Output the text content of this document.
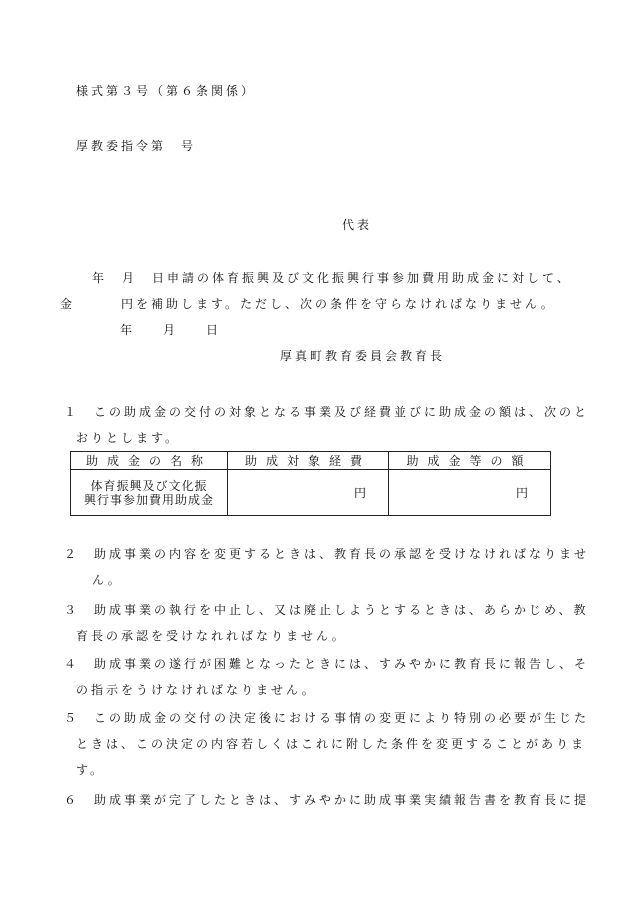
様式第３号（第６条関係）
厚教委指令第　号
代表
年　月　日申請の体育振興及び文化振興行事参加費用助成金に対して、
金	円を補助します。ただし、次の条件を守らなければなりません。
年 月 日
厚真町教育委員会教育長
１　この助成金の交付の対象となる事業及び経費並びに助成金の額は、次のと
おりとします。
助成金の名称	助成対象経費	助成金等の額

体育振興及び文化振
興行事参加費用助成金	円	円
２　助成事業の内容を変更するときは、教育長の承認を受けなければなりませ
ん。
３　助成事業の執行を中止し、又は廃止しようとするときは、あらかじめ、教
育長の承認を受けなれればなりません。
４　助成事業の遂行が困難となったときには、すみやかに教育長に報告し、そ
の指示をうけなければなりません。
５　この助成金の交付の決定後における事情の変更により特別の必要が生じた
ときは、この決定の内容若しくはこれに附した条件を変更することがありま
す。
６　助成事業が完了したときは、すみやかに助成事業実績報告書を教育長に提
